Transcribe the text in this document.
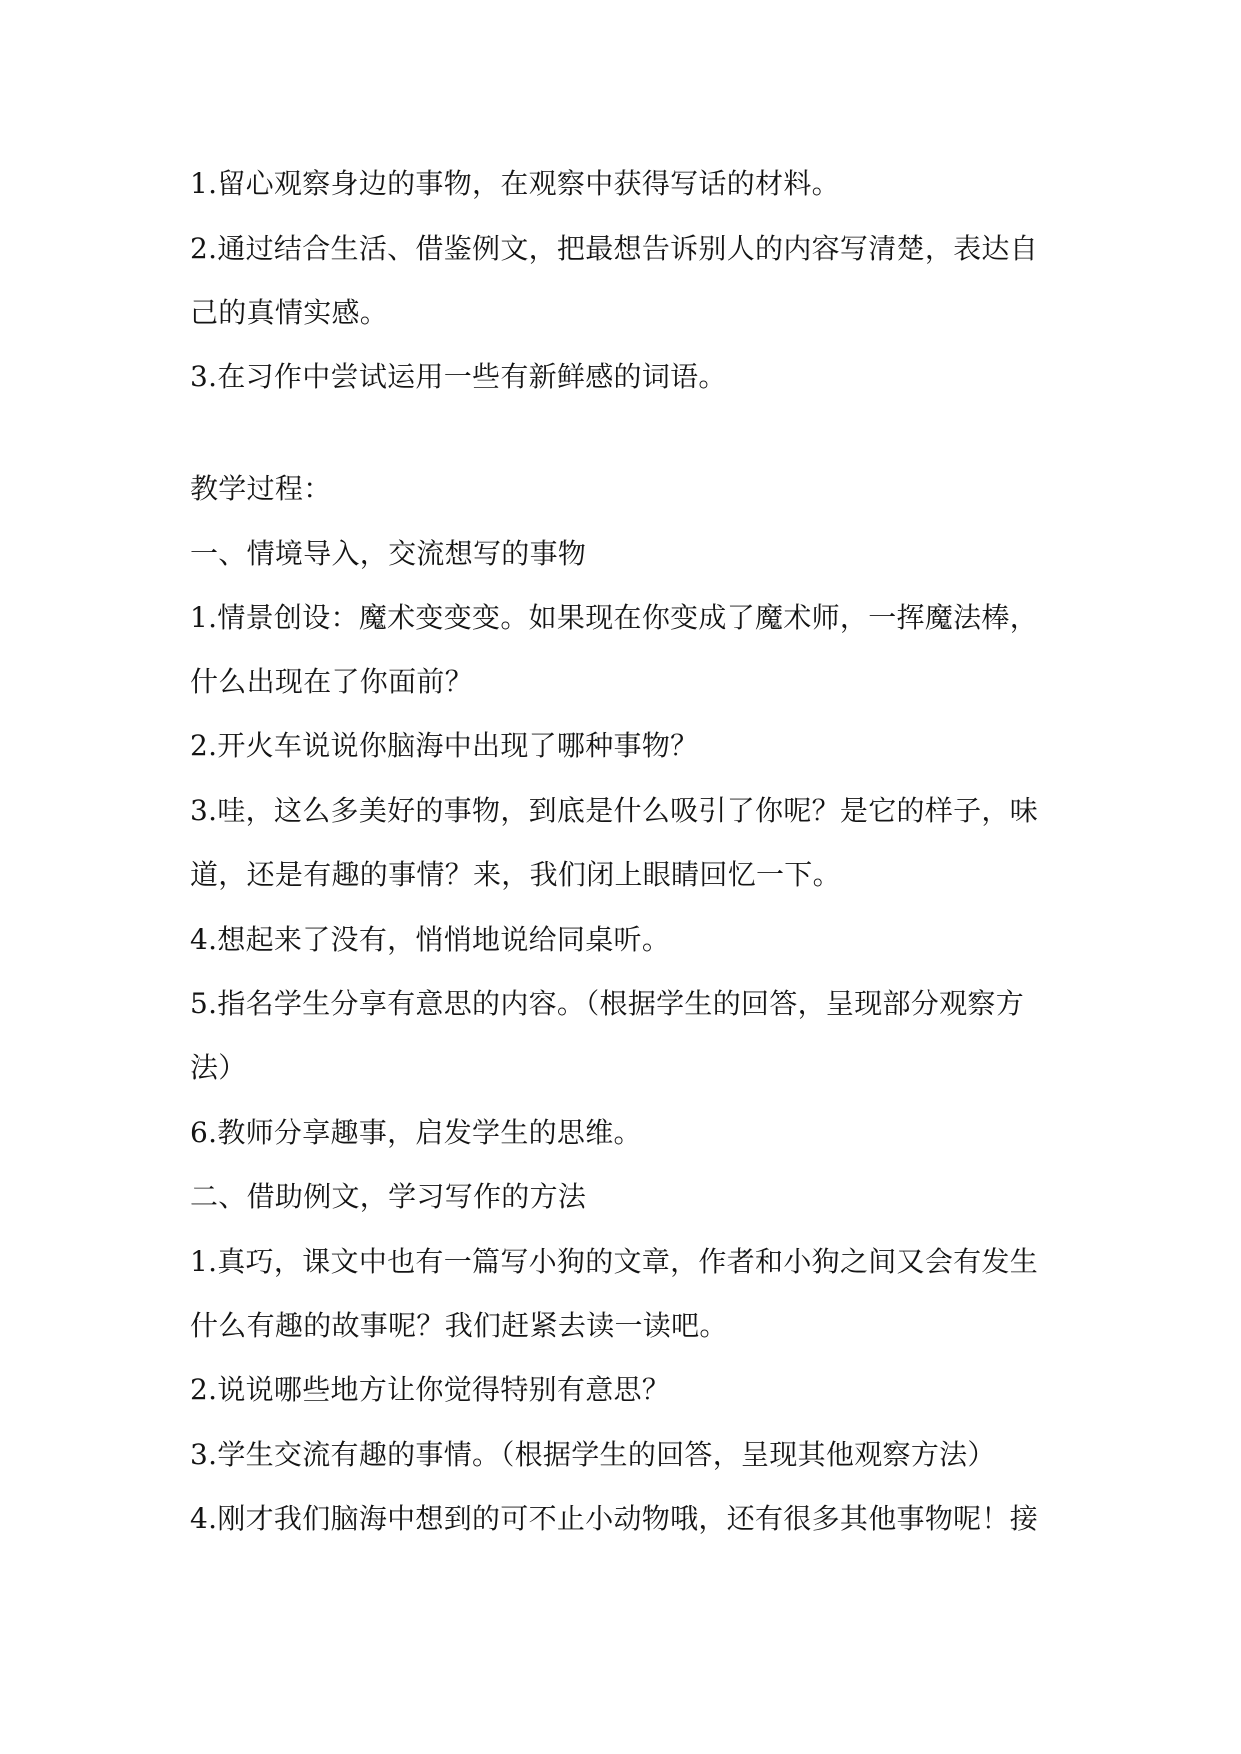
1.留心观察身边的事物，在观察中获得写话的材料。
2.通过结合生活、借鉴例文，把最想告诉别人的内容写清楚，表达自
己的真情实感。
3.在习作中尝试运用一些有新鲜感的词语。
教学过程：
一、情境导入，交流想写的事物
1.情景创设：魔术变变变。如果现在你变成了魔术师，一挥魔法棒，
什么出现在了你面前？
2.开火车说说你脑海中出现了哪种事物？
3.哇，这么多美好的事物，到底是什么吸引了你呢？是它的样子，味
道，还是有趣的事情？来，我们闭上眼睛回忆一下。
4.想起来了没有，悄悄地说给同桌听。
5.指名学生分享有意思的内容。（根据学生的回答，呈现部分观察方
法）
6.教师分享趣事，启发学生的思维。
二、借助例文，学习写作的方法
1.真巧，课文中也有一篇写小狗的文章，作者和小狗之间又会有发生
什么有趣的故事呢？我们赶紧去读一读吧。
2.说说哪些地方让你觉得特别有意思？
3.学生交流有趣的事情。（根据学生的回答，呈现其他观察方法）
4.刚才我们脑海中想到的可不止小动物哦，还有很多其他事物呢！接
